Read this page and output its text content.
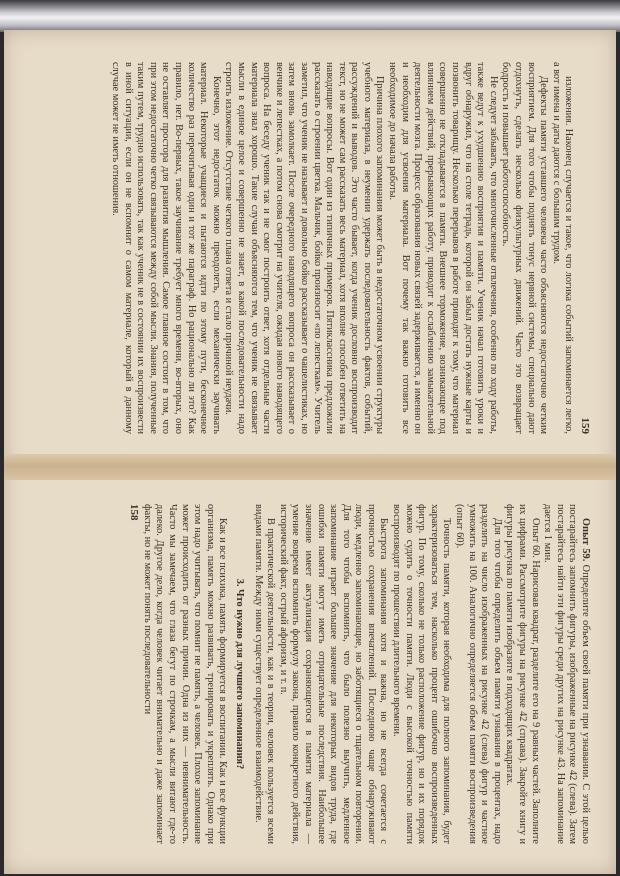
159

изложения. Наконец случается и такое, что логика событий запоминается легко, а вот имена и даты даются с большим трудом.

Дефекты памяти уставшего человека часто объясняются недостаточно четким восприятием. Для того чтобы поднять тонус нервной системы, специально дают отдохнуть, сделать несколько физкультурных движений. Часто это возвращает бодрость и повышает работоспособность.

Не следует забывать, что многочисленные отвлечения, особенно по ходу работы, также ведут к ухудшению восприятия и памяти. Ученик начал готовить уроки и вдруг обнаружил, что на столе тетрадь, которой он забыл достать нужные карты и позвонить товарищу. Несколько перерывов в работе приводят к тому, что материал совершенно не откладывается в памяти. Внешнее торможение, возникающее под влиянием действий, прерывающих работу, приводит к ослаблению замыкательной деятельности мозга. Процесс образования новых связей задерживается, а именно он и необходим для усвоения материала. Вот почему так важно готовить все необходимое до начала работы.

Причина плохого запоминания может быть в недостаточном усвоении структуры учебного материала, в неумении удержать последовательность фактов, событий, рассуждений и выводов. Это часто бывает, когда ученик дословно воспроизводит текст, но не может сам рассказать весь материал, хотя вполне способен ответить на наводящие вопросы. Вот один из типичных примеров. Пятиклассника предложили рассказать о строении цветка. Мальчик, бойко произносит «по лепесткам». Учитель заметил, что ученик не называет и довольно бойко рассказывает о чашелистиках, но затем вновь замолкает. После очередного наводящего вопроса он рассказывает о венчике и лепестках, а потом снова смотрит на учителя, ожидая нового наводящего вопроса. На беседу ученик так и не смог построить ответ, хотя отдельные части материала знал хорошо. Такие случаи объясняются тем, что ученик не связывает мысли в единое целое и совершенно не знает, в какой последовательности надо строить изложение. Отсутствие четкого плана ответа и стало причиной неудачи.

Конечно, этот недостаток можно преодолеть, если механически заучивать материал. Некоторые учащиеся и пытаются идти по этому пути, бесконечное количество раз перечитывая один и тот же параграф. Но рационально ли это? Как правило, нет. Во-первых, такое заучивание требует много времени, во-вторых, оно не оставляет простора для развития мышления. Самое главное состоит в том, что при этом недостаточно четко связываются между собой мысли. Знания, полученные таким путем, трудно использовать, так как ученик не в состоянии их воспроизвести в иной ситуации, если он не вспомнит о самом материале, который в данному случае может не иметь отношения.

Опыт 59. Определите объем своей памяти при узнавании. С этой целью постарайтесь запомнить фигуры, изображенные на рисунке 42 (слева). Затем постарайтесь найти эти фигуры среди других на рисунке 43. На запоминание дается 1 мин.

Опыт 60. Нарисовав квадрат, разделите его на 9 равных частей. Заполните их цифрами. Рассмотрите фигуры на рисунке 42 (справа). Закройте книгу и фигуры рисунка по памяти изобразите в подходящих квадратах.

Для того чтобы определить объем памяти узнавания в процентах, надо разделить на число изображенных на рисунке 42 (слева) фигур и частное умножить на 100. Аналогично определяется объем памяти воспроизведения (опыт 60).

Точность памяти, которая необходима для полного запоминания, будет характеризоваться тем, насколько процент ошибочно воспроизведенных фигур. По тому, сколько не только расположение фигур, но и их порядок можно судить о точности памяти. Люди с высокой точностью памяти воспроизводят по прошествии длительного времени.

Быстрота запоминания хотя и важна, но не всегда сочетается с прочностью сохранения впечатлений. Последнюю чаще обнаруживают люди, медленно запоминающие, но заботящиеся о тщательном повторении. Для того чтобы вспомнить, что было полезно выучить, медленное запоминание играет большее значение для некоторых видов труда, где ошибки памяти могут иметь отрицательные последствия. Наибольшее значение имеет актуализация сохраняющегося в памяти материала — умение вовремя вспомнить формулу закона, правило конкретного действия, исторический факт, острый афоризм, и т. п.

В практической деятельности, как и в теории, человек пользуется всеми видами памяти. Между ними существует определенное взаимодействие.

3. Что нужно для лучшего запоминания?

Как и все психика, память формируется в воспитании. Как и все функции организма, память можно развивать, тренировать и укреплять. Однако при этом надо учитывать, что помнит не память, а человек. Плохое запоминание может происходить от разных причин. Одна из них — невнимательность. Часто мы замечаем, что глаза бегут по строчкам, а мысли витают где-то далеко. Другое дело, когда человек читает внимательно и даже запоминает факты, но не может понять последовательности

158
